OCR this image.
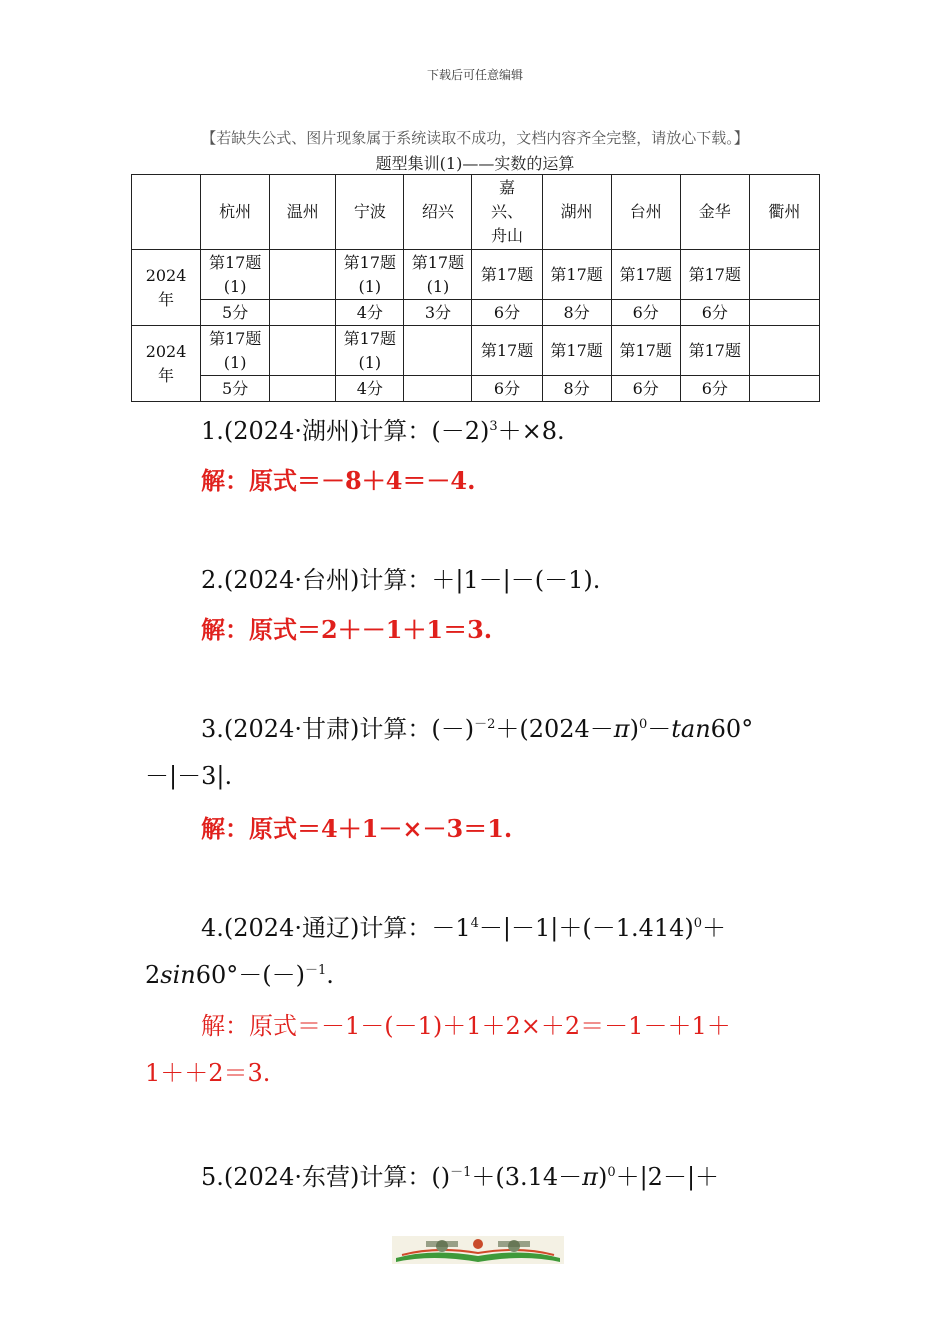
下载后可任意编辑
【若缺失公式、图片现象属于系统读取不成功，文档内容齐全完整，请放心下载。】
题型集训(1)——实数的运算
	杭州	温州	宁波	绍兴	嘉
兴、
舟山	湖州	台州	金华	衢州

2024
年	第17题(1)		第17题(1)	第17题(1)	第17题	第17题	第17题	第17题	
	5分		4分	3分	6分	8分	6分	6分	

2024
年	第17题(1)		第17题(1)		第17题	第17题	第17题	第17题	
	5分		4分		6分	8分	6分	6分	
1.(2024·湖州)计算：$(-2)^3+\times 8$.
解：原式＝－8＋4＝－4.
2.(2024·台州)计算：＋|1－|－(－1).
解：原式＝2＋－1＋1＝3.
3.(2024·甘肃)计算：$(-)^{-2}+(2024-\pi)^0-\tan 60^\circ$
－|－3|.
解：原式＝4＋1－×－3＝1.
4.(2024·通辽)计算：$-1^4-|-1|+(-1.414)^0+$
$2\sin 60^\circ-(-)^{-1}$.
解：原式＝－1－(－1)＋1＋2×＋2＝－1－＋1＋
1＋＋2＝3.
5.(2024·东营)计算：$()^{-1}+(3.14-\pi)^0+|2-|+$
